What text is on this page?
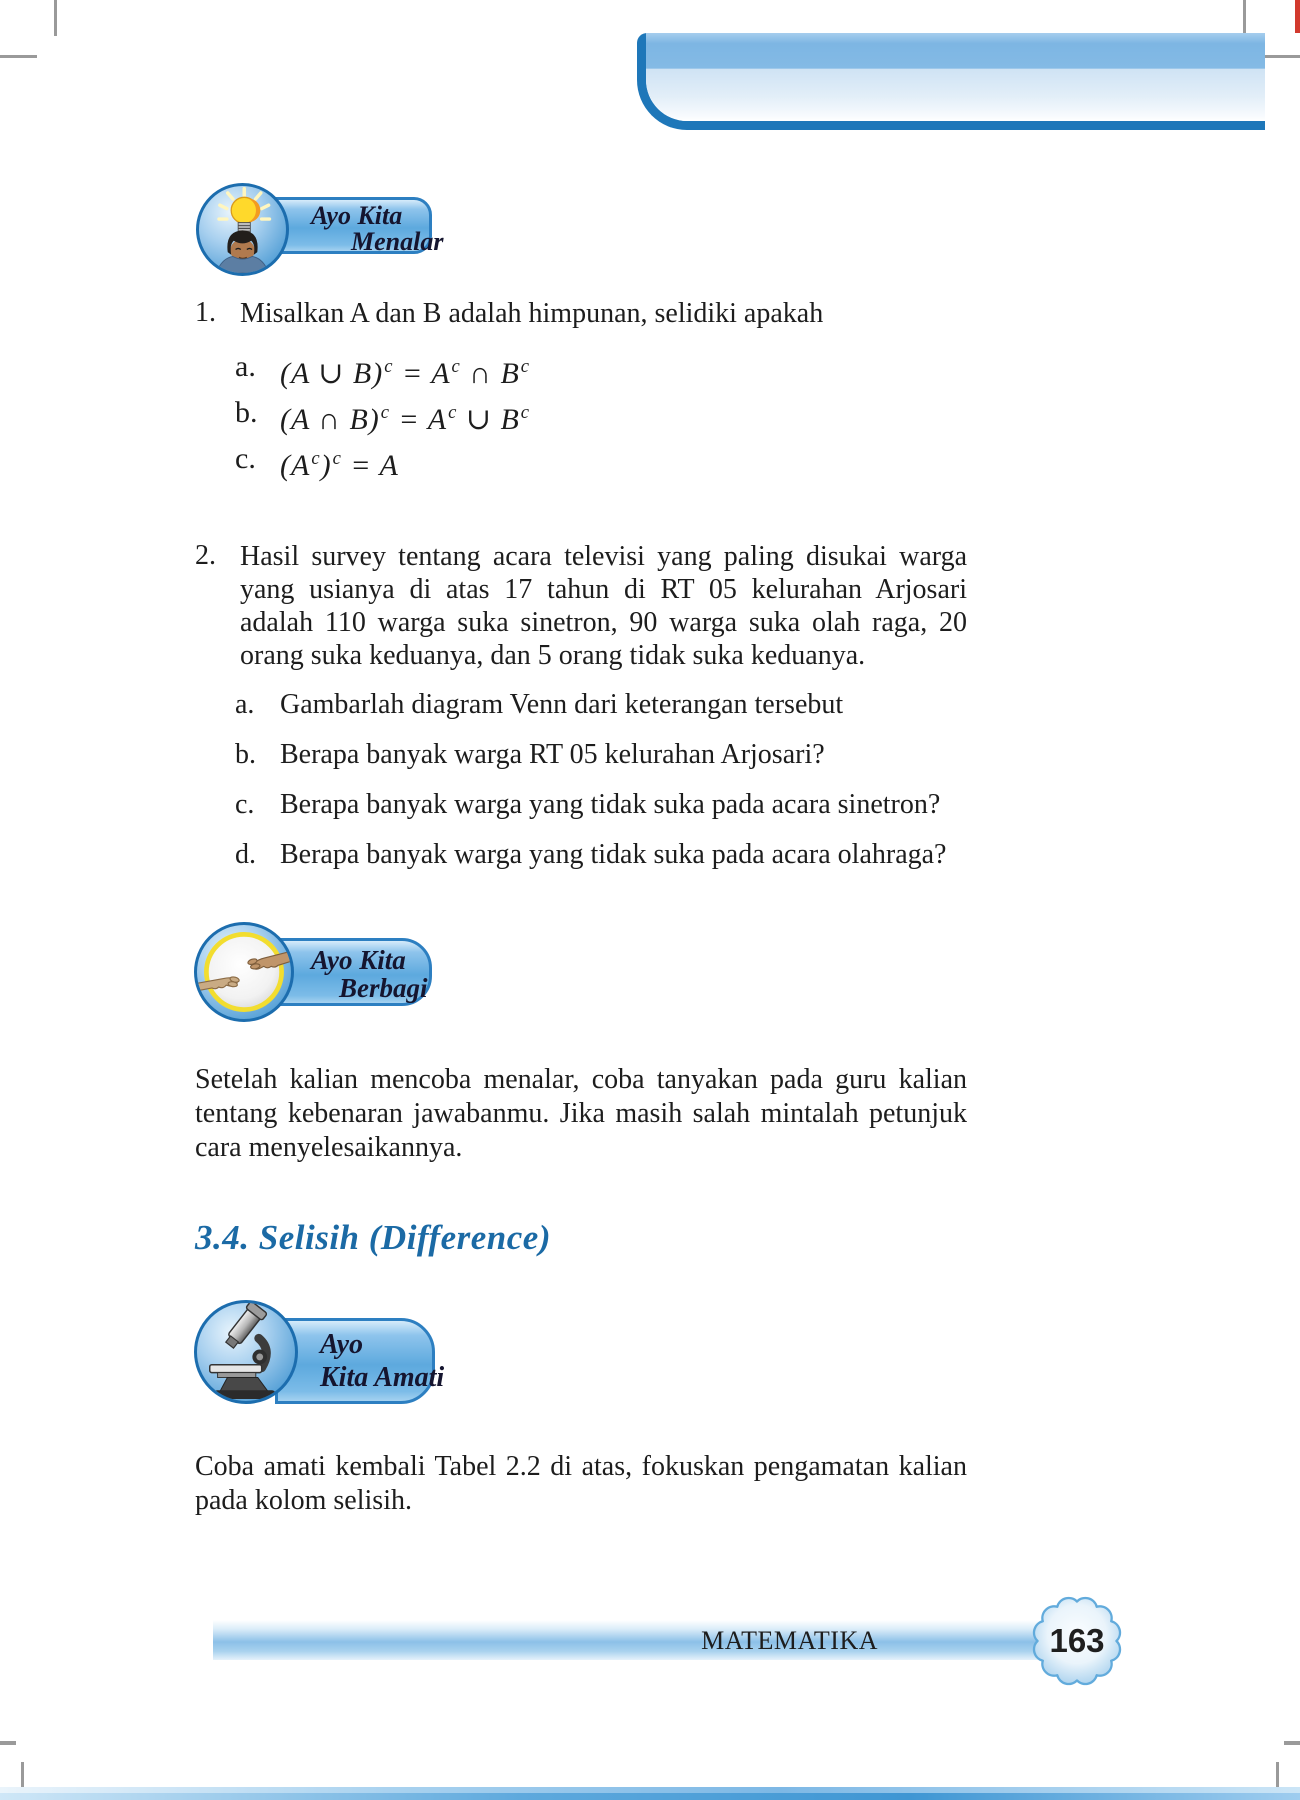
Ayo Kita
Menalar
1. Misalkan A dan B adalah himpunan, selidiki apakah
a. (A ∪ $B)^c = A^c$ ∩ $B^c$
b. (A ∩ $B)^c = A^c$ ∪ $B^c$
c. $(A^c)^c = A$
2. Hasil survey tentang acara televisi yang paling disukai warga yang usianya di atas 17 tahun di RT 05 kelurahan Arjosari adalah 110 warga suka sinetron, 90 warga suka olah raga, 20 orang suka keduanya, dan 5 orang tidak suka keduanya.
a. Gambarlah diagram Venn dari keterangan tersebut
b. Berapa banyak warga RT 05 kelurahan Arjosari?
c. Berapa banyak warga yang tidak suka pada acara sinetron?
d. Berapa banyak warga yang tidak suka pada acara olahraga?
Ayo Kita
Berbagi
Setelah kalian mencoba menalar, coba tanyakan pada guru kalian tentang kebenaran jawabanmu. Jika masih salah mintalah petunjuk cara menyelesaikannya.
3.4. Selisih (Difference)
Ayo
Kita Amati
Coba amati kembali Tabel 2.2 di atas, fokuskan pengamatan kalian pada kolom selisih.
MATEMATIKA	163
